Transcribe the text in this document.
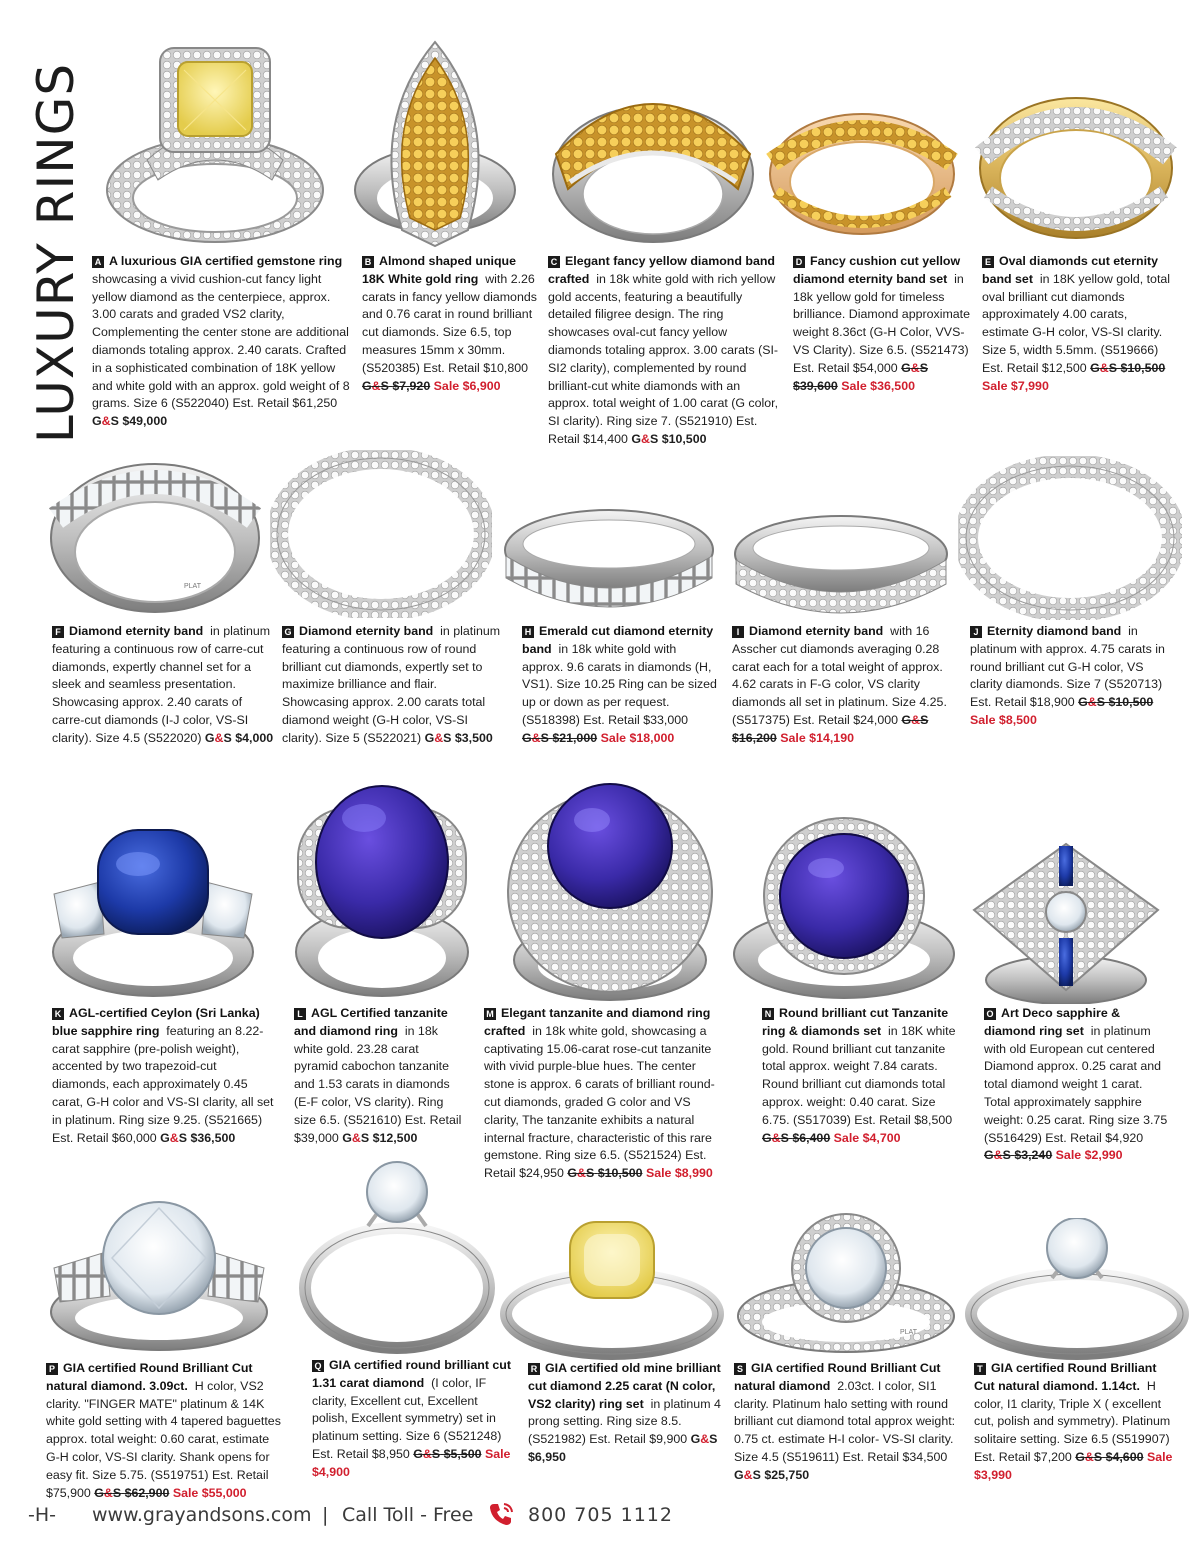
LUXURY RINGS	A A luxurious GIA certified gemstone ring  showcasing a vivid cushion-cut fancy light yellow diamond as the centerpiece, approx. 3.00 carats and graded VS2 clarity, Complementing the center stone are additional diamonds totaling approx. 2.40 carats. Crafted in a sophisticated combination of 18K yellow and white gold with an approx. gold weight of 8 grams. Size 6 (S522040) Est. Retail $61,250 G&S $49,000
B Almond shaped unique 18K White gold ring with 2.26 carats in fancy yellow diamonds and 0.76 carat in round brilliant cut diamonds. Size 6.5, top measures 15mm x 30mm. (S520385) Est. Retail $10,800 G&S $7,920 Sale $6,900
C Elegant fancy yellow diamond band crafted in 18k white gold with rich yellow gold accents, featuring a beautifully detailed filigree design. The ring showcases oval-cut fancy yellow diamonds totaling approx. 3.00 carats (SI-SI2 clarity), complemented by round brilliant-cut white diamonds with an approx. total weight of 1.00 carat (G color, SI clarity). Ring size 7. (S521910) Est. Retail $14,400 G&S $10,500
D Fancy cushion cut yellow diamond eternity band set in 18k yellow gold for timeless brilliance. Diamond approximate weight 8.36ct (G-H Color, VVS-VS Clarity). Size 6.5. (S521473) Est. Retail $54,000 G&S $39,600 Sale $36,500
E Oval diamonds cut eternity band set in 18K yellow gold, total oval brilliant cut diamonds approximately 4.00 carats, estimate G-H color, VS-SI clarity. Size 5, width 5.5mm. (S519666) Est. Retail $12,500 G&S $10,500 Sale $7,990
PLAT
F Diamond eternity band in platinum featuring a continuous row of carre-cut diamonds, expertly channel set for a sleek and seamless presentation. Showcasing approx. 2.40 carats of carre-cut diamonds (I-J color, VS-SI clarity). Size 4.5 (S522020) G&S $4,000
G Diamond eternity band in platinum featuring a continuous row of round brilliant cut diamonds, expertly set to maximize brilliance and flair. Showcasing approx. 2.00 carats total diamond weight (G-H color, VS-SI clarity). Size 5 (S522021) G&S $3,500
H Emerald cut diamond eternity band in 18k white gold with approx. 9.6 carats in diamonds (H, VS1). Size 10.25 Ring can be sized up or down as per request. (S518398) Est. Retail $33,000 G&S $21,000 Sale $18,000
I Diamond eternity band with 16 Asscher cut diamonds averaging 0.28 carat each for a total weight of approx. 4.62 carats in F-G color, VS clarity diamonds all set in platinum. Size 4.25. (S517375) Est. Retail $24,000 G&S $16,200 Sale $14,190
J Eternity diamond band in platinum with approx. 4.75 carats in round brilliant cut G-H color, VS clarity diamonds. Size 7 (S520713) Est. Retail $18,900 G&S $10,500 Sale $8,500
K AGL-certified Ceylon (Sri Lanka) blue sapphire ring featuring an 8.22-carat sapphire (pre-polish weight), accented by two trapezoid-cut diamonds, each approximately 0.45 carat, G-H color and VS-SI clarity, all set in platinum. Ring size 9.25. (S521665) Est. Retail $60,000 G&S $36,500
L AGL Certified tanzanite and diamond ring in 18k white gold. 23.28 carat pyramid cabochon tanzanite and 1.53 carats in diamonds (E-F color, VS clarity). Ring size 6.5. (S521610) Est. Retail $39,000 G&S $12,500
M Elegant tanzanite and diamond ring crafted in 18k white gold, showcasing a captivating 15.06-carat rose-cut tanzanite with vivid purple-blue hues. The center stone is approx. 6 carats of brilliant round-cut diamonds, graded G color and VS clarity, The tanzanite exhibits a natural internal fracture, characteristic of this rare gemstone. Ring size 6.5. (S521524) Est. Retail $24,950 G&S $10,500 Sale $8,990
N Round brilliant cut Tanzanite ring & diamonds set in 18K white gold. Round brilliant cut tanzanite total approx. weight 7.84 carats. Round brilliant cut diamonds total approx. weight: 0.40 carat. Size 6.75. (S517039) Est. Retail $8,500 G&S $6,400 Sale $4,700
O Art Deco sapphire & diamond ring set in platinum with old European cut centered Diamond approx. 0.25 carat and total diamond weight 1 carat. Total approximately sapphire weight: 0.25 carat. Ring size 3.75 (S516429) Est. Retail $4,920 G&S $3,240 Sale $2,990
P GIA certified Round Brilliant Cut natural diamond. 3.09ct. H color, VS2 clarity. "FINGER MATE" platinum & 14K white gold setting with 4 tapered baguettes approx. total weight: 0.60 carat, estimate G-H color, VS-SI clarity. Shank opens for easy fit. Size 5.75. (S519751) Est. Retail $75,900 G&S $62,900 Sale $55,000
Q GIA certified round brilliant cut 1.31 carat diamond (I color, IF clarity, Excellent cut, Excellent polish, Excellent symmetry) set in platinum setting. Size 6 (S521248) Est. Retail $8,950 G&S $5,500 Sale $4,900
R GIA certified old mine brilliant cut diamond 2.25 carat (N color, VS2 clarity) ring set in platinum 4 prong setting. Ring size 8.5. (S521982) Est. Retail $9,900 G&S $6,950
PLAT
S GIA certified Round Brilliant Cut natural diamond 2.03ct. I color, SI1 clarity. Platinum halo setting with round brilliant cut diamond total approx weight: 0.75 ct. estimate H-I color- VS-SI clarity. Size 4.5 (S519611) Est. Retail $34,500 G&S $25,750
T GIA certified Round Brilliant Cut natural diamond. 1.14ct. H color, I1 clarity, Triple X ( excellent cut, polish and symmetry). Platinum solitaire setting. Size 6.5 (S519907) Est. Retail $7,200 G&S $4,600 Sale $3,990
-H- www.grayandsons.com | Call Toll - Free	800 705 1112
